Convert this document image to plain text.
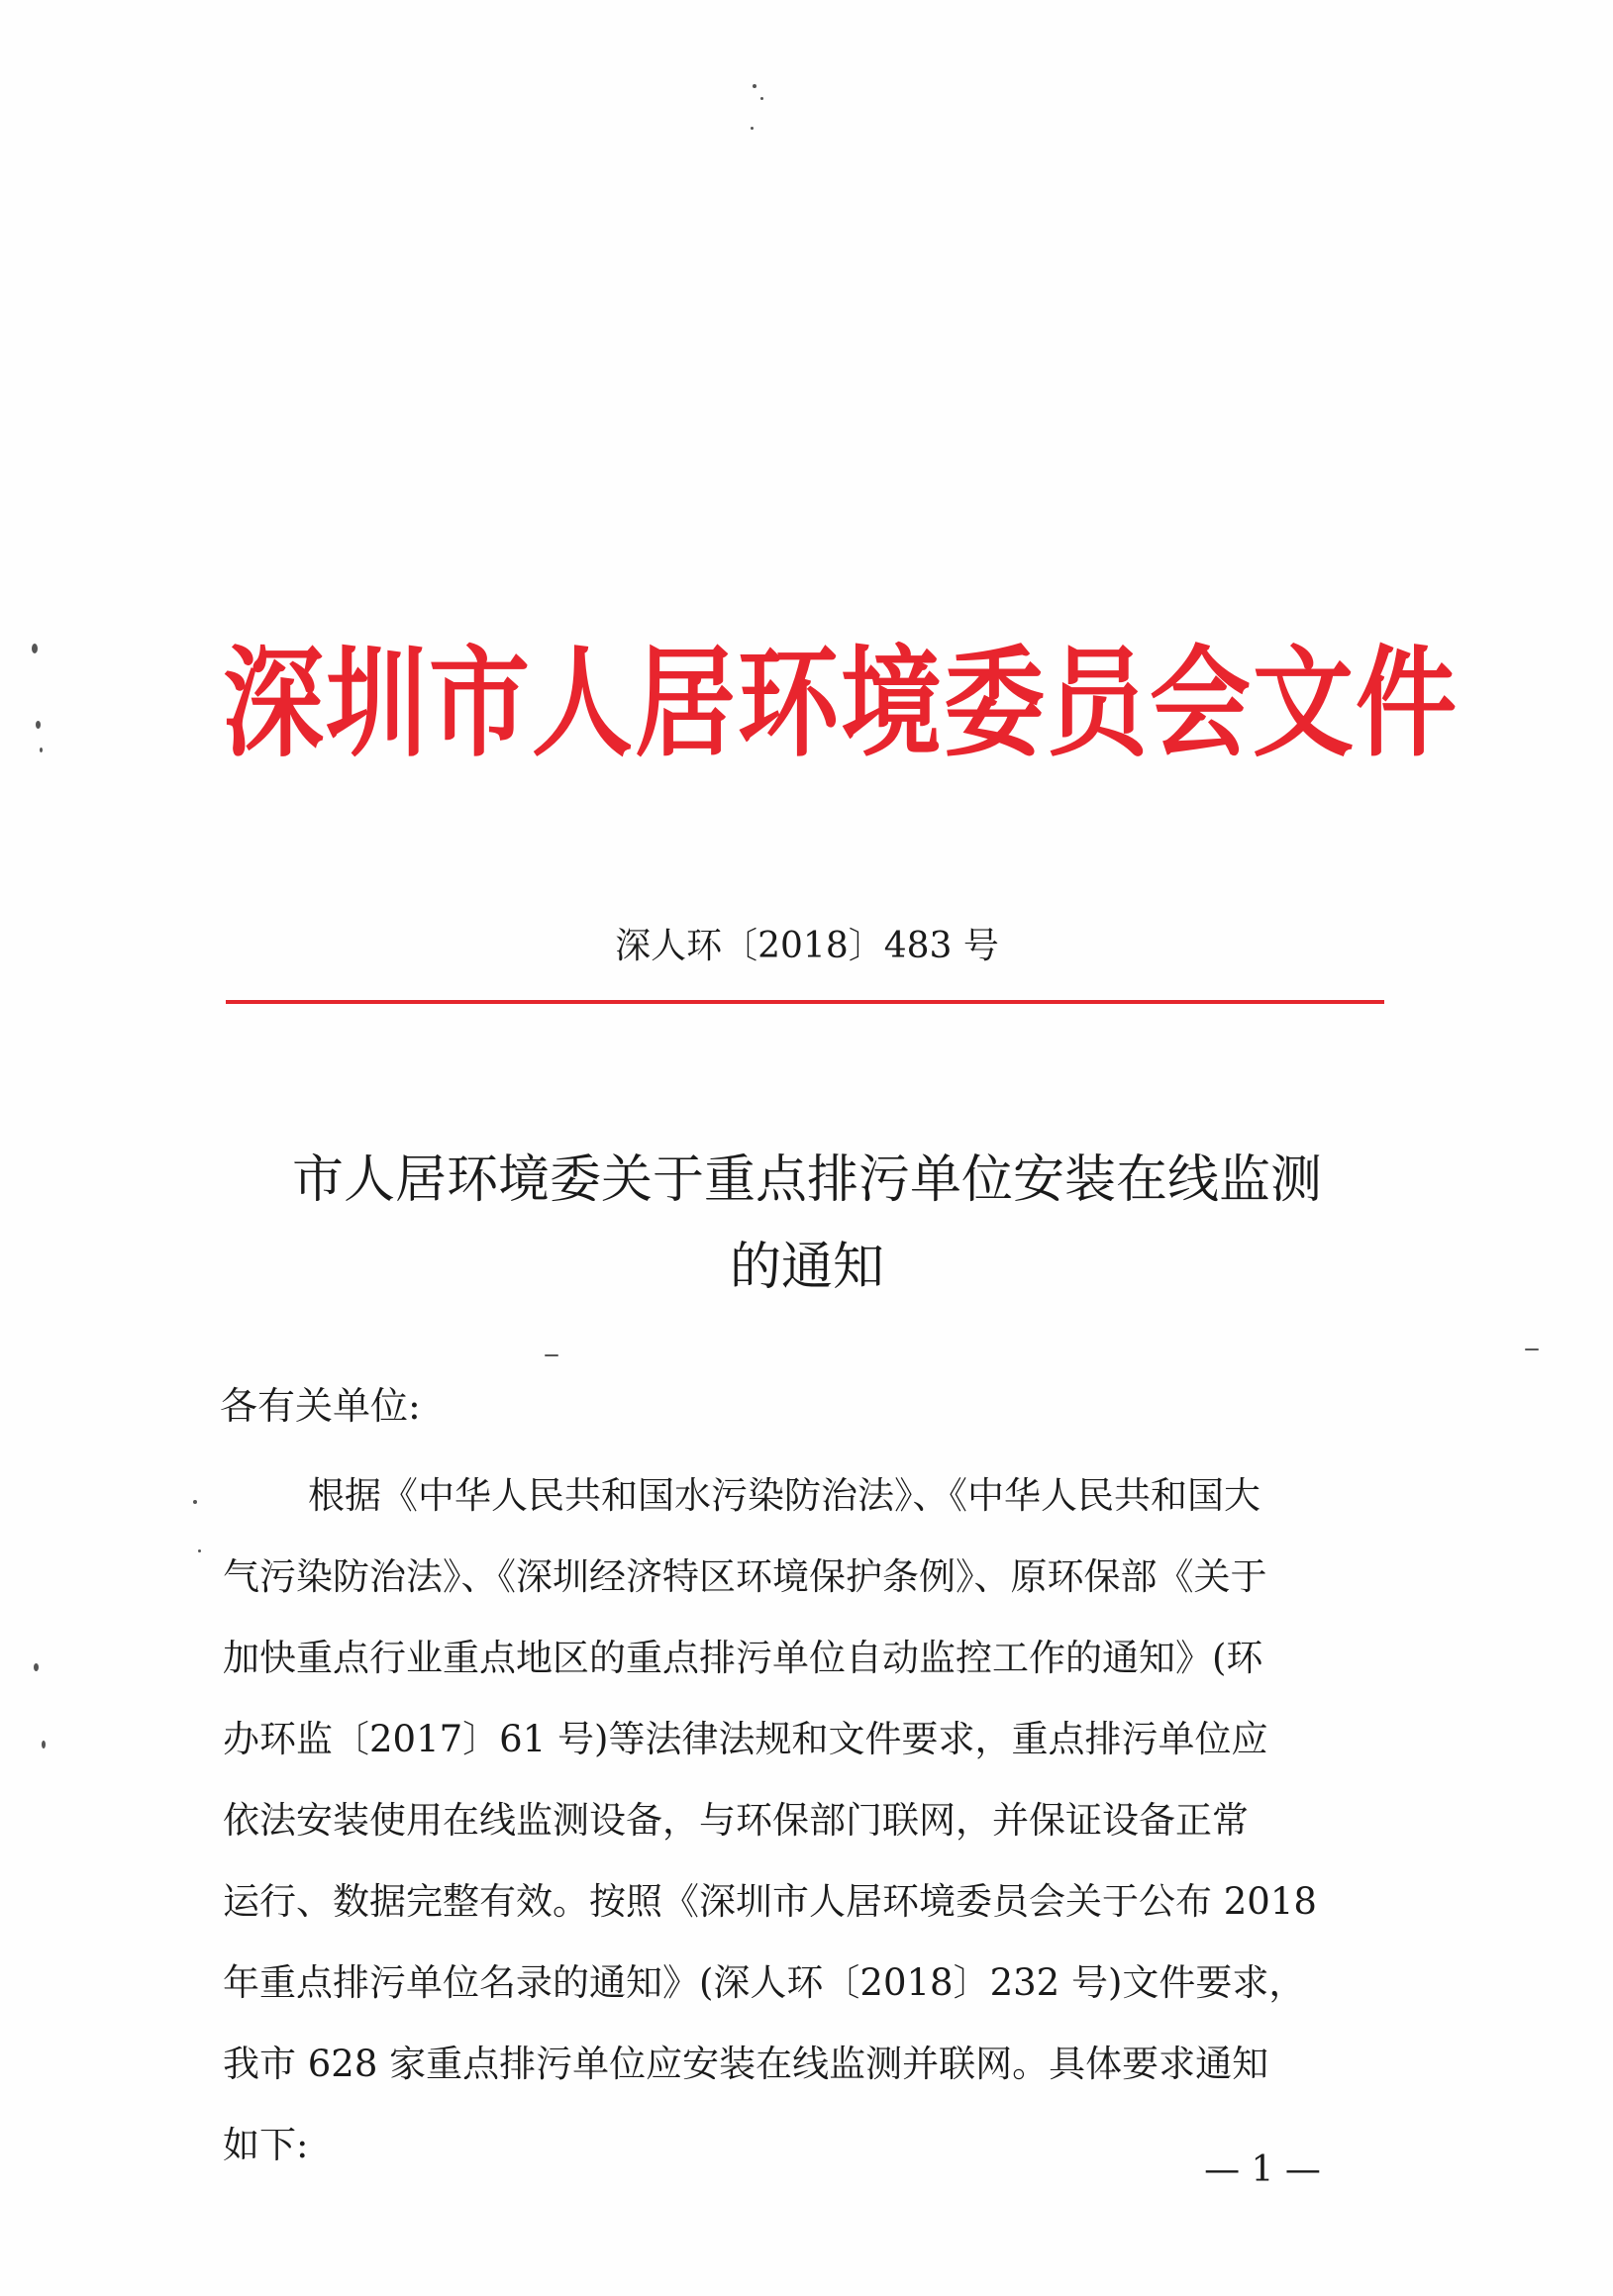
深圳市人居环境委员会文件
深人环〔2018〕483 号
市人居环境委关于重点排污单位安装在线监测
的通知
各有关单位:
根据《中华人民共和国水污染防治法》、《中华人民共和国大
气污染防治法》、《深圳经济特区环境保护条例》、原环保部《关于
加快重点行业重点地区的重点排污单位自动监控工作的通知》(环
办环监〔2017〕61 号)等法律法规和文件要求，重点排污单位应
依法安装使用在线监测设备，与环保部门联网，并保证设备正常
运行、数据完整有效。按照《深圳市人居环境委员会关于公布 2018
年重点排污单位名录的通知》(深人环〔2018〕232 号)文件要求，
我市 628 家重点排污单位应安装在线监测并联网。具体要求通知
如下:
— 1 —
